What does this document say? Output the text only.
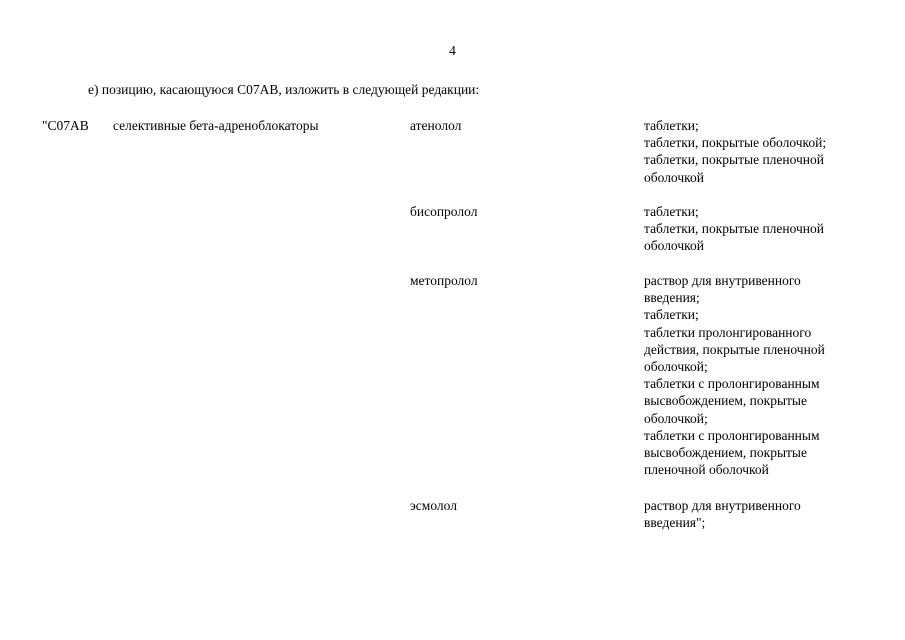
4
е) позицию, касающуюся C07AB, изложить в следующей редакции:
"C07AB селективные бета-адреноблокаторы	атенолол	таблетки;
таблетки, покрытые оболочкой;
таблетки, покрытые пленочной
оболочкой
бисопролол	таблетки;
таблетки, покрытые пленочной
оболочкой
метопролол	раствор для внутривенного
введения;
таблетки;
таблетки пролонгированного
действия, покрытые пленочной
оболочкой;
таблетки с пролонгированным
высвобождением, покрытые
оболочкой;
таблетки с пролонгированным
высвобождением, покрытые
пленочной оболочкой
эсмолол	раствор для внутривенного
введения";
